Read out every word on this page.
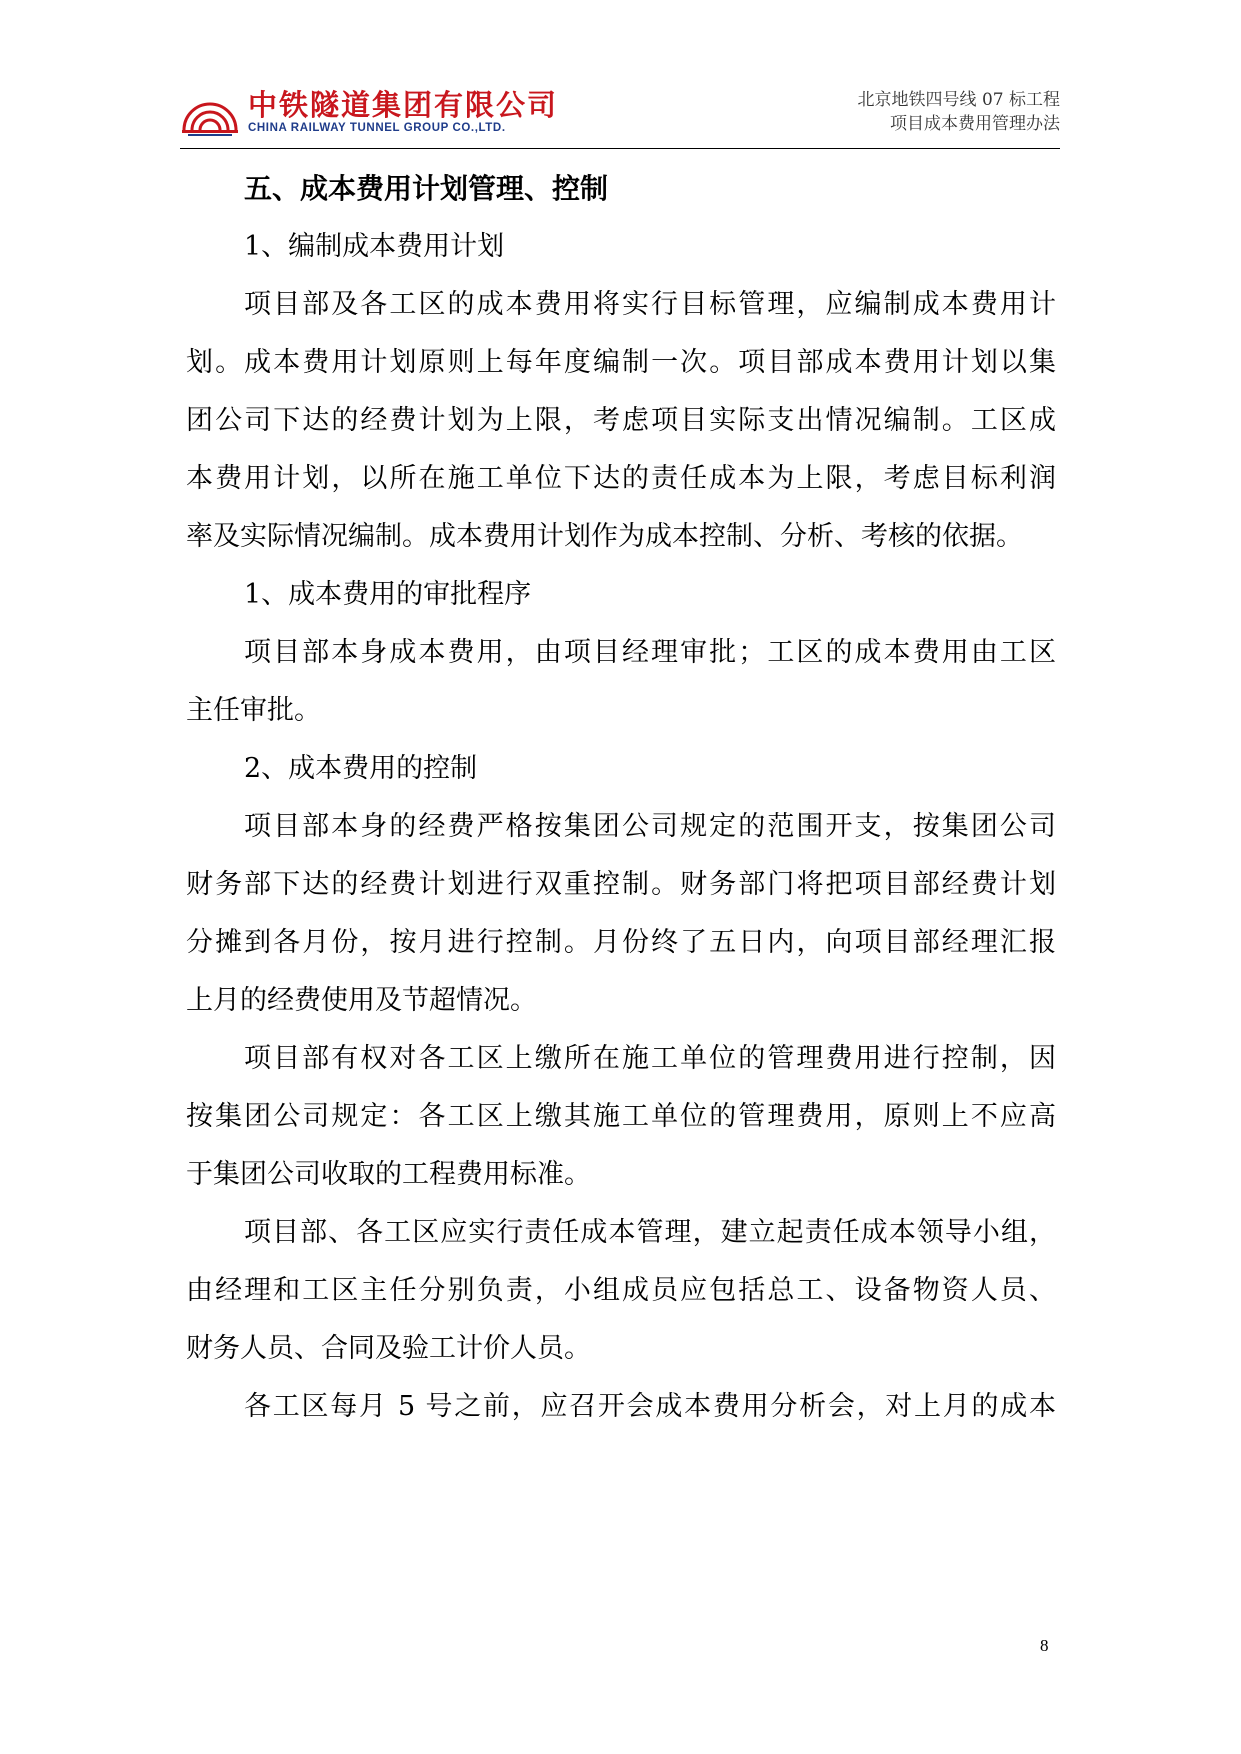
中铁隧道集团有限公司
CHINA RAILWAY TUNNEL GROUP CO.,LTD.
北京地铁四号线 07 标工程
项目成本费用管理办法
五、成本费用计划管理、控制
1、编制成本费用计划
项目部及各工区的成本费用将实行目标管理，应编制成本费用计
划。成本费用计划原则上每年度编制一次。项目部成本费用计划以集
团公司下达的经费计划为上限，考虑项目实际支出情况编制。工区成
本费用计划，以所在施工单位下达的责任成本为上限，考虑目标利润
率及实际情况编制。成本费用计划作为成本控制、分析、考核的依据。
1、成本费用的审批程序
项目部本身成本费用，由项目经理审批；工区的成本费用由工区
主任审批。
2、成本费用的控制
项目部本身的经费严格按集团公司规定的范围开支，按集团公司
财务部下达的经费计划进行双重控制。财务部门将把项目部经费计划
分摊到各月份，按月进行控制。月份终了五日内，向项目部经理汇报
上月的经费使用及节超情况。
项目部有权对各工区上缴所在施工单位的管理费用进行控制，因
按集团公司规定：各工区上缴其施工单位的管理费用，原则上不应高
于集团公司收取的工程费用标准。
项目部、各工区应实行责任成本管理，建立起责任成本领导小组，
由经理和工区主任分别负责，小组成员应包括总工、设备物资人员、
财务人员、合同及验工计价人员。
各工区每月 5 号之前，应召开会成本费用分析会，对上月的成本
8
